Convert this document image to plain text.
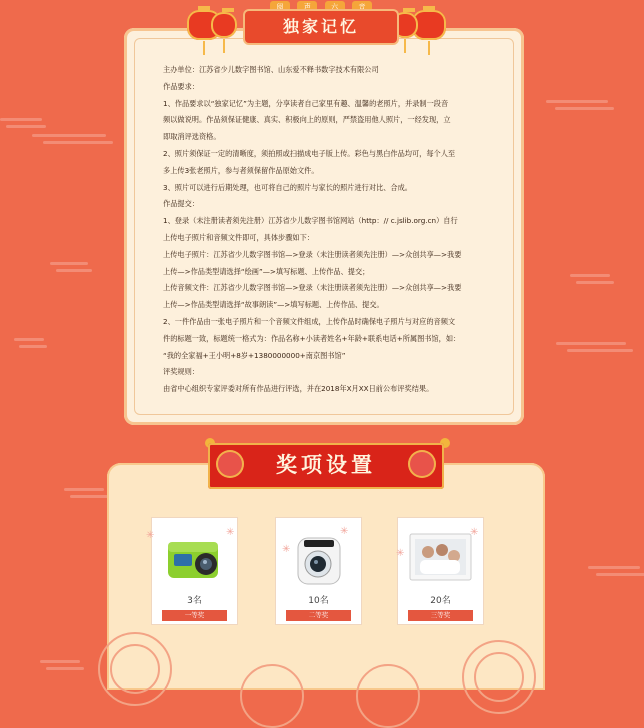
阅	声	六	音
独家记忆

主办单位：江苏省少儿数字图书馆、山东爱不释书数字技术有限公司

作品要求：

1、作品要求以“独家记忆”为主题，分享读者自己家里有趣、温馨的老照片，并录制一段音

频以做说明。作品须保证健康、真实、积极向上的原则，严禁盗用他人照片，一经发现，立

即取消评选资格。

2、照片须保证一定的清晰度，须拍照或扫描成电子版上传。彩色与黑白作品均可，每个人至

多上传3张老照片，参与者须保留作品原始文件。

3、照片可以进行后期处理，也可将自己的照片与家长的照片进行对比、合成。

作品提交：

1、登录（未注册读者须先注册）江苏省少儿数字图书馆网站（http：// c.jslib.org.cn）自行

上传电子照片和音频文件即可，具体步骤如下：

上传电子照片：江苏省少儿数字图书馆—>登录（未注册读者须先注册）—>众创共享—>我要

上传—>作品类型请选择“绘画”—>填写标题、上传作品、提交；

上传音频文件：江苏省少儿数字图书馆—>登录（未注册读者须先注册）—>众创共享—>我要

上传—>作品类型请选择“故事朗读”—>填写标题、上传作品、提交。

2、一件作品由一张电子照片和一个音频文件组成，上传作品时确保电子照片与对应的音频文

件的标题一致，标题统一格式为：作品名称+小读者姓名+年龄+联系电话+所属图书馆，如：

“我的全家福+王小明+8岁+1380000000+南京图书馆”

评奖规则：

由省中心组织专家评委对所有作品进行评选，并在2018年X月XX日前公布评奖结果。

奖项设置
3名
一等奖
10名
二等奖
20名
三等奖
✳	✳
✳
✳
✳
✳
